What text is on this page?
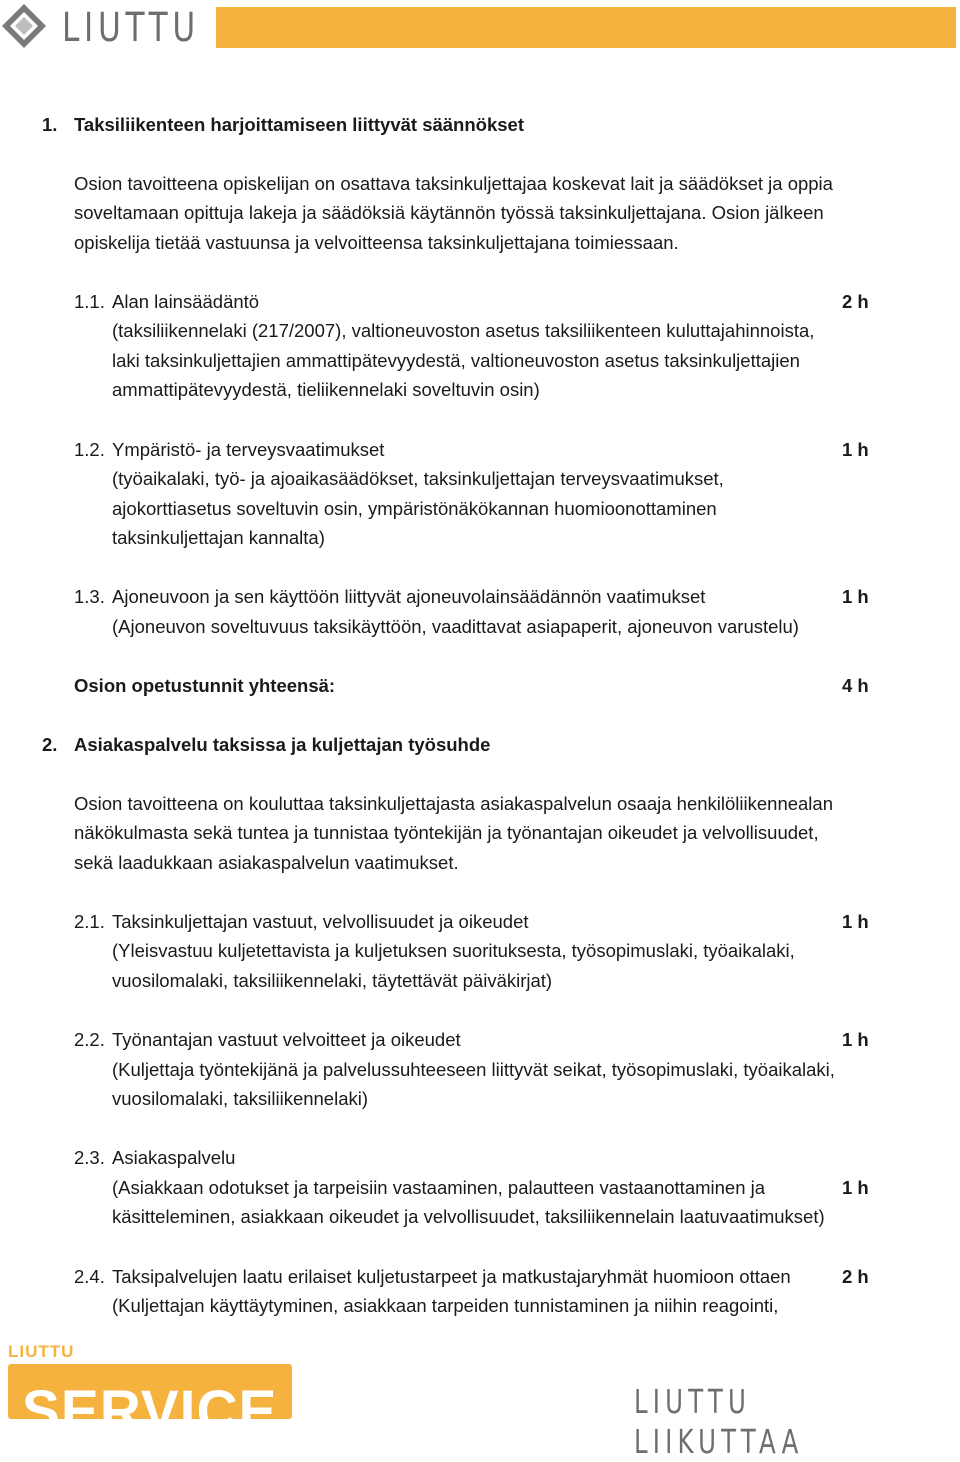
LIUTTU
1. Taksiliikenteen harjoittamiseen liittyvät säännökset
Osion tavoitteena opiskelijan on osattava taksinkuljettajaa koskevat lait ja säädökset ja oppia
soveltamaan opittuja lakeja ja säädöksiä käytännön työssä taksinkuljettajana. Osion jälkeen
opiskelija tietää vastuunsa ja velvoitteensa taksinkuljettajana toimiessaan.
1.1. Alan lainsäädäntö	2 h
(taksiliikennelaki (217/2007), valtioneuvoston asetus taksiliikenteen kuluttajahinnoista,
laki taksinkuljettajien ammattipätevyydestä, valtioneuvoston asetus taksinkuljettajien
ammattipätevyydestä, tieliikennelaki soveltuvin osin)
1.2. Ympäristö- ja terveysvaatimukset	1 h
(työaikalaki, työ- ja ajoaikasäädökset, taksinkuljettajan terveysvaatimukset,
ajokorttiasetus soveltuvin osin, ympäristönäkökannan huomioonottaminen
taksinkuljettajan kannalta)
1.3. Ajoneuvoon ja sen käyttöön liittyvät ajoneuvolainsäädännön vaatimukset	1 h
(Ajoneuvon soveltuvuus taksikäyttöön, vaadittavat asiapaperit, ajoneuvon varustelu)
Osion opetustunnit yhteensä:	4 h
2. Asiakaspalvelu taksissa ja kuljettajan työsuhde
Osion tavoitteena on kouluttaa taksinkuljettajasta asiakaspalvelun osaaja henkilöliikennealan
näkökulmasta sekä tuntea ja tunnistaa työntekijän ja työnantajan oikeudet ja velvollisuudet,
sekä laadukkaan asiakaspalvelun vaatimukset.
2.1. Taksinkuljettajan vastuut, velvollisuudet ja oikeudet	1 h
(Yleisvastuu kuljetettavista ja kuljetuksen suorituksesta, työsopimuslaki, työaikalaki,
vuosilomalaki, taksiliikennelaki, täytettävät päiväkirjat)
2.2. Työnantajan vastuut velvoitteet ja oikeudet	1 h
(Kuljettaja työntekijänä ja palvelussuhteeseen liittyvät seikat, työsopimuslaki, työaikalaki,
vuosilomalaki, taksiliikennelaki)
2.3. Asiakaspalvelu
(Asiakkaan odotukset ja tarpeisiin vastaaminen, palautteen vastaanottaminen ja	1 h
käsitteleminen, asiakkaan oikeudet ja velvollisuudet, taksiliikennelain laatuvaatimukset)
2.4. Taksipalvelujen laatu erilaiset kuljetustarpeet ja matkustajaryhmät huomioon ottaen	2 h
(Kuljettajan käyttäytyminen, asiakkaan tarpeiden tunnistaminen ja niihin reagointi,
LIUTTU
SERVICE	LIUTTU LIIKUTTAA
